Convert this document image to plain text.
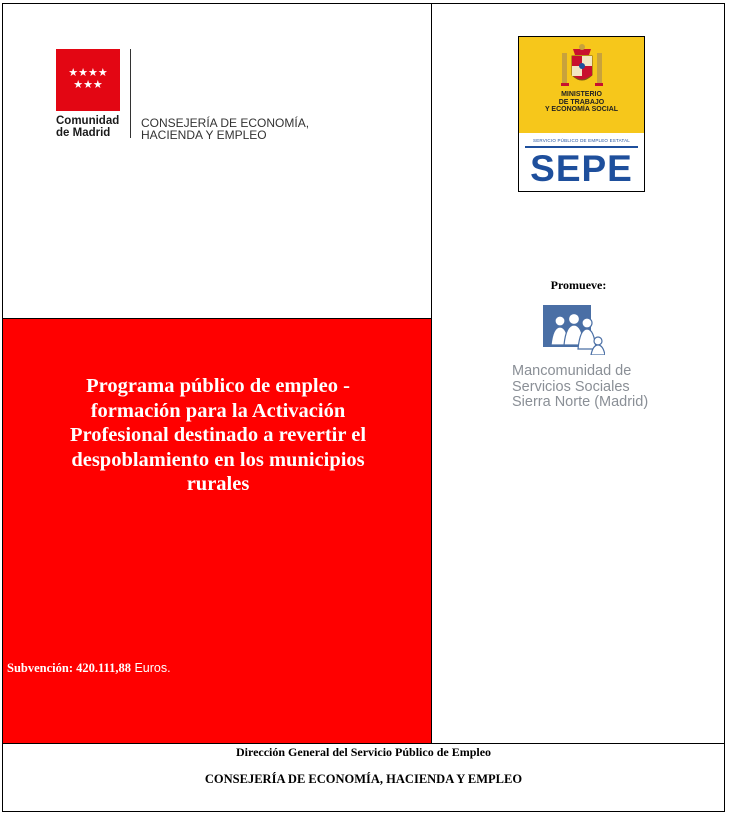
★★★★
★★★
Comunidad
de Madrid
CONSEJERÍA DE ECONOMÍA,
HACIENDA Y EMPLEO
MINISTERIO
DE TRABAJO
Y ECONOMÍA SOCIAL
SERVICIO PÚBLICO DE EMPLEO ESTATAL
SEPE
Promueve:
Mancomunidad de
Servicios Sociales
Sierra Norte (Madrid)
Programa público de empleo -formación para la Activación Profesional destinado a revertir el despoblamiento en los municipios rurales
Subvención: 420.111,88 Euros.
Dirección General del Servicio Público de Empleo
CONSEJERÍA DE ECONOMÍA, HACIENDA Y EMPLEO
